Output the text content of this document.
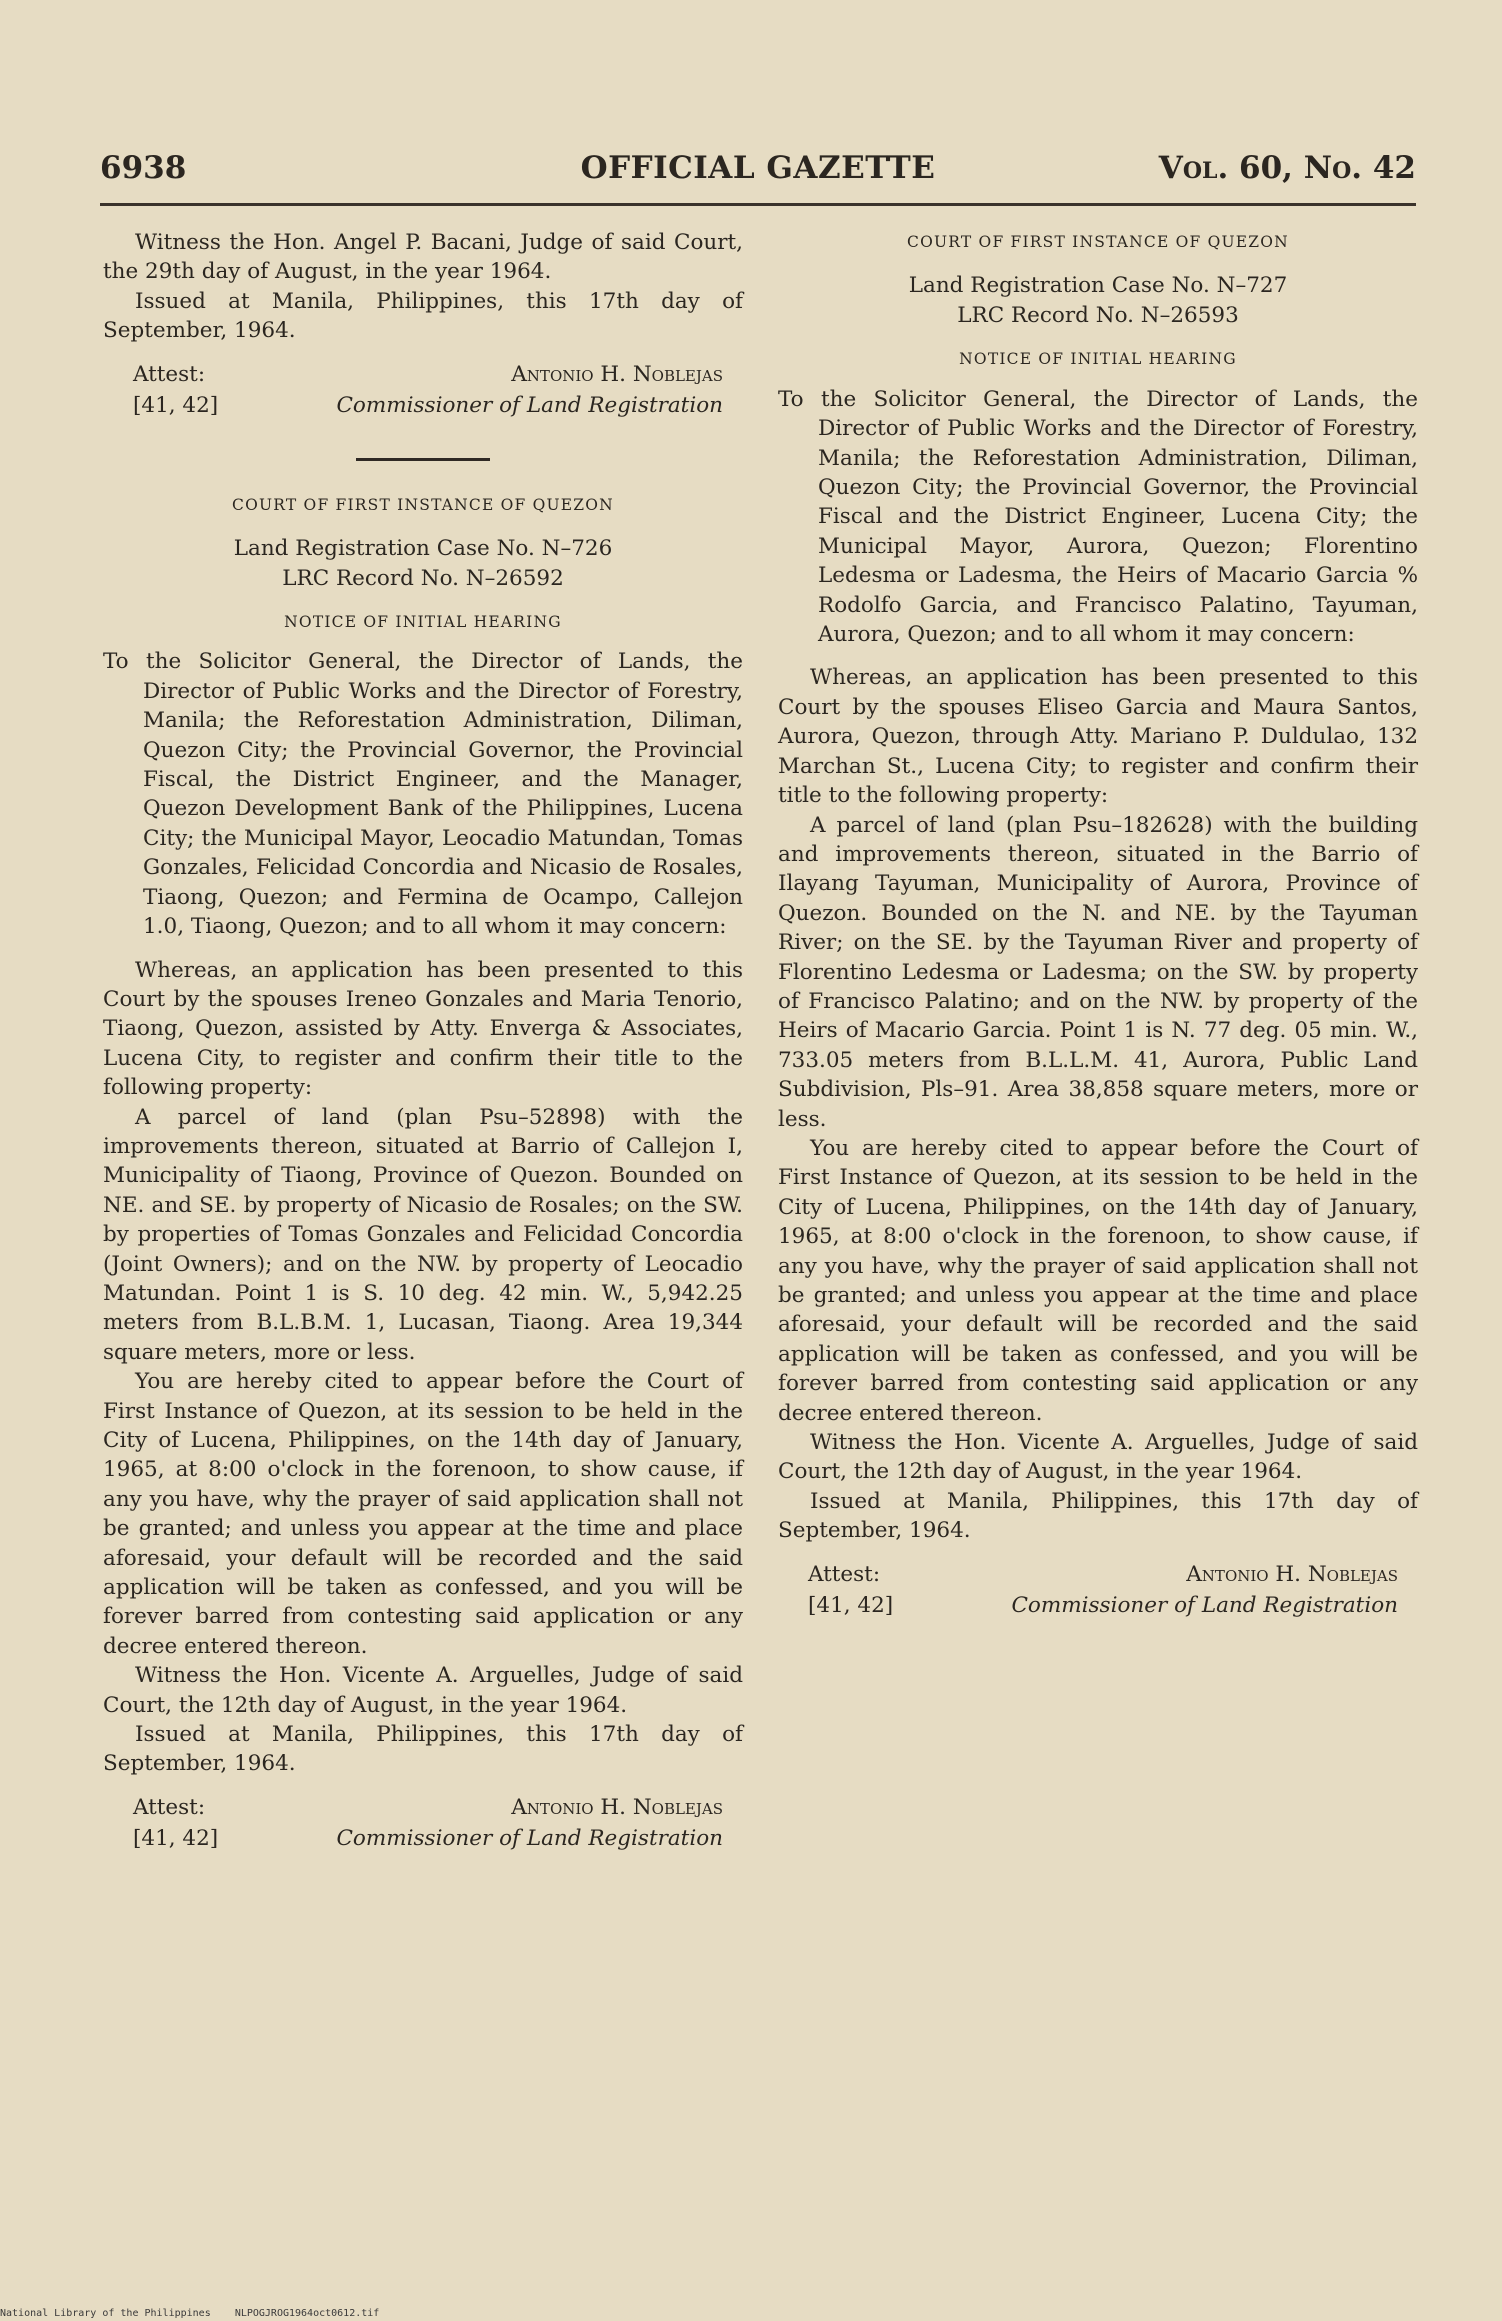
6938	OFFICIAL GAZETTE	Vol. 60, No. 42

Witness the Hon. Angel P. Bacani, Judge of said Court, the 29th day of August, in the year 1964.

Issued at Manila, Philippines, this 17th day of September, 1964.

Attest:
[41, 42]
Antonio H. Noblejas
Commissioner of Land Registration
COURT OF FIRST INSTANCE OF QUEZON
Land Registration Case No. N–726
LRC Record No. N–26592
NOTICE OF INITIAL HEARING

To the Solicitor General, the Director of Lands, the Director of Public Works and the Director of Forestry, Manila; the Reforestation Administration, Diliman, Quezon City; the Provincial Governor, the Provincial Fiscal, the District Engineer, and the Manager, Quezon Development Bank of the Philippines, Lucena City; the Municipal Mayor, Leocadio Matundan, Tomas Gonzales, Felicidad Concordia and Nicasio de Rosales, Tiaong, Quezon; and Fermina de Ocampo, Callejon 1.0, Tiaong, Quezon; and to all whom it may concern:

Whereas, an application has been presented to this Court by the spouses Ireneo Gonzales and Maria Tenorio, Tiaong, Quezon, assisted by Atty. Enverga & Associates, Lucena City, to register and confirm their title to the following property:

A parcel of land (plan Psu–52898) with the improvements thereon, situated at Barrio of Callejon I, Municipality of Tiaong, Province of Quezon. Bounded on NE. and SE. by property of Nicasio de Rosales; on the SW. by properties of Tomas Gonzales and Felicidad Concordia (Joint Owners); and on the NW. by property of Leocadio Matundan. Point 1 is S. 10 deg. 42 min. W., 5,942.25 meters from B.L.B.M. 1, Lucasan, Tiaong. Area 19,344 square meters, more or less.

You are hereby cited to appear before the Court of First Instance of Quezon, at its session to be held in the City of Lucena, Philippines, on the 14th day of January, 1965, at 8:00 o'clock in the forenoon, to show cause, if any you have, why the prayer of said application shall not be granted; and unless you appear at the time and place aforesaid, your default will be recorded and the said application will be taken as confessed, and you will be forever barred from contesting said application or any decree entered thereon.

Witness the Hon. Vicente A. Arguelles, Judge of said Court, the 12th day of August, in the year 1964.

Issued at Manila, Philippines, this 17th day of September, 1964.

Attest:
[41, 42]
Antonio H. Noblejas
Commissioner of Land Registration
COURT OF FIRST INSTANCE OF QUEZON
Land Registration Case No. N–727
LRC Record No. N–26593
NOTICE OF INITIAL HEARING

To the Solicitor General, the Director of Lands, the Director of Public Works and the Director of Forestry, Manila; the Reforestation Administration, Diliman, Quezon City; the Provincial Governor, the Provincial Fiscal and the District Engineer, Lucena City; the Municipal Mayor, Aurora, Quezon; Florentino Ledesma or Ladesma, the Heirs of Macario Garcia % Rodolfo Garcia, and Francisco Palatino, Tayuman, Aurora, Quezon; and to all whom it may concern:

Whereas, an application has been presented to this Court by the spouses Eliseo Garcia and Maura Santos, Aurora, Quezon, through Atty. Mariano P. Duldulao, 132 Marchan St., Lucena City; to register and confirm their title to the following property:

A parcel of land (plan Psu–182628) with the building and improvements thereon, situated in the Barrio of Ilayang Tayuman, Municipality of Aurora, Province of Quezon. Bounded on the N. and NE. by the Tayuman River; on the SE. by the Tayuman River and property of Florentino Ledesma or Ladesma; on the SW. by property of Francisco Palatino; and on the NW. by property of the Heirs of Macario Garcia. Point 1 is N. 77 deg. 05 min. W., 733.05 meters from B.L.L.M. 41, Aurora, Public Land Subdivision, Pls–91. Area 38,858 square meters, more or less.

You are hereby cited to appear before the Court of First Instance of Quezon, at its session to be held in the City of Lucena, Philippines, on the 14th day of January, 1965, at 8:00 o'clock in the forenoon, to show cause, if any you have, why the prayer of said application shall not be granted; and unless you appear at the time and place aforesaid, your default will be recorded and the said application will be taken as confessed, and you will be forever barred from contesting said application or any decree entered thereon.

Witness the Hon. Vicente A. Arguelles, Judge of said Court, the 12th day of August, in the year 1964.

Issued at Manila, Philippines, this 17th day of September, 1964.

Attest:
[41, 42]
Antonio H. Noblejas
Commissioner of Land Registration
National Library of the Philippines NLPOGJROG1964oct0612.tif
